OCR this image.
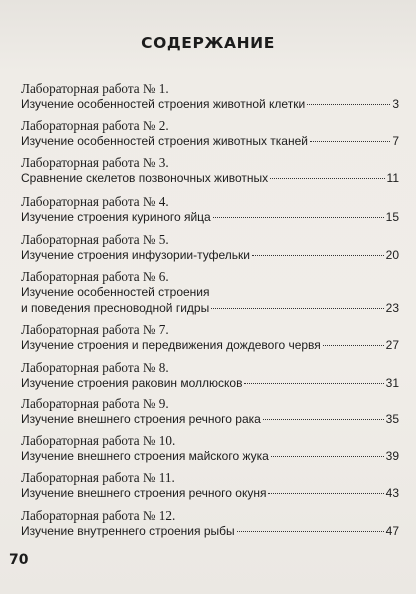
СОДЕРЖАНИЕ
Лабораторная работа № 1.
Изучение особенностей строения животной клетки	3
Лабораторная работа № 2.
Изучение особенностей строения животных тканей	7
Лабораторная работа № 3.
Сравнение скелетов позвоночных животных	11
Лабораторная работа № 4.
Изучение строения куриного яйца	15
Лабораторная работа № 5.
Изучение строения инфузории-туфельки	20
Лабораторная работа № 6.
Изучение особенностей строения
и поведения пресноводной гидры	23
Лабораторная работа № 7.
Изучение строения и передвижения дождевого червя	27
Лабораторная работа № 8.
Изучение строения раковин моллюсков	31
Лабораторная работа № 9.
Изучение внешнего строения речного рака	35
Лабораторная работа № 10.
Изучение внешнего строения майского жука	39
Лабораторная работа № 11.
Изучение внешнего строения речного окуня	43
Лабораторная работа № 12.
Изучение внутреннего строения рыбы	47
70
